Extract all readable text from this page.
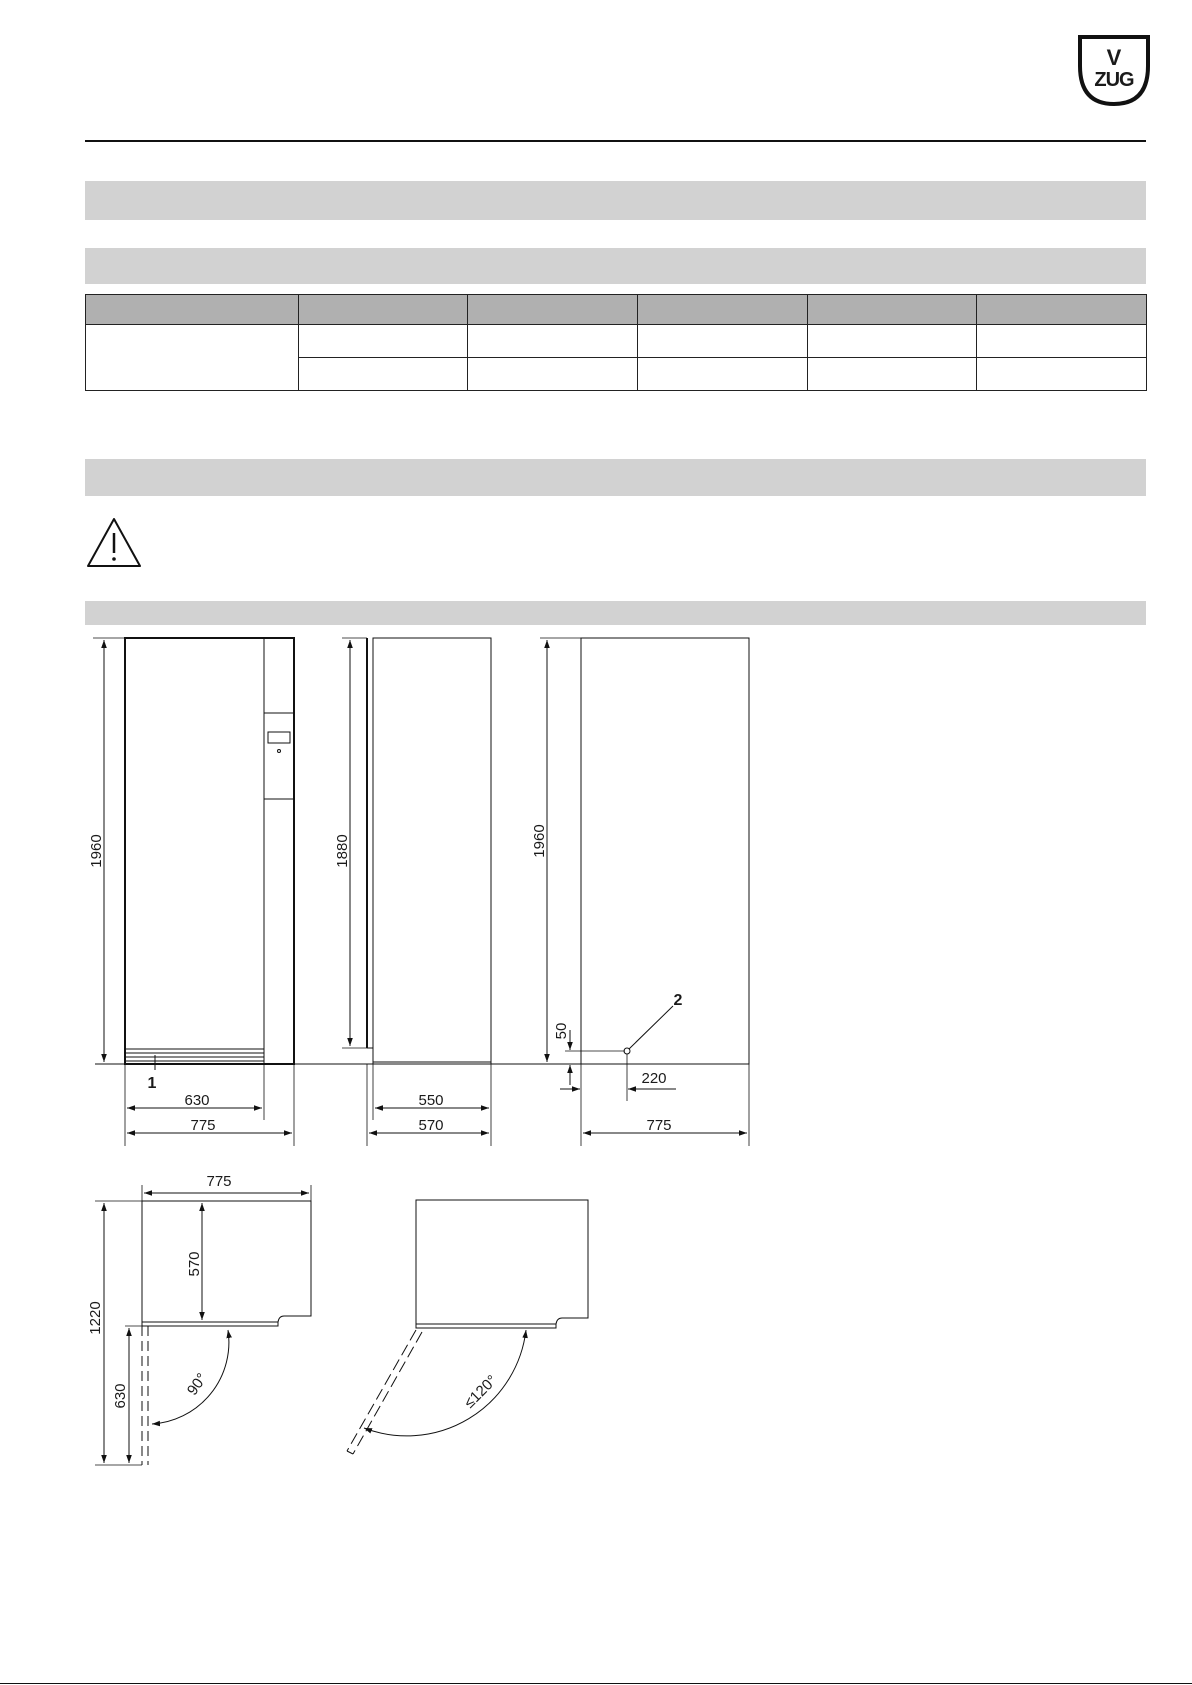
V
ZUG

1960
630
775
1
1880
550
570
1960
50
220
775
2
775
570
1220
630	90°	≤120°
